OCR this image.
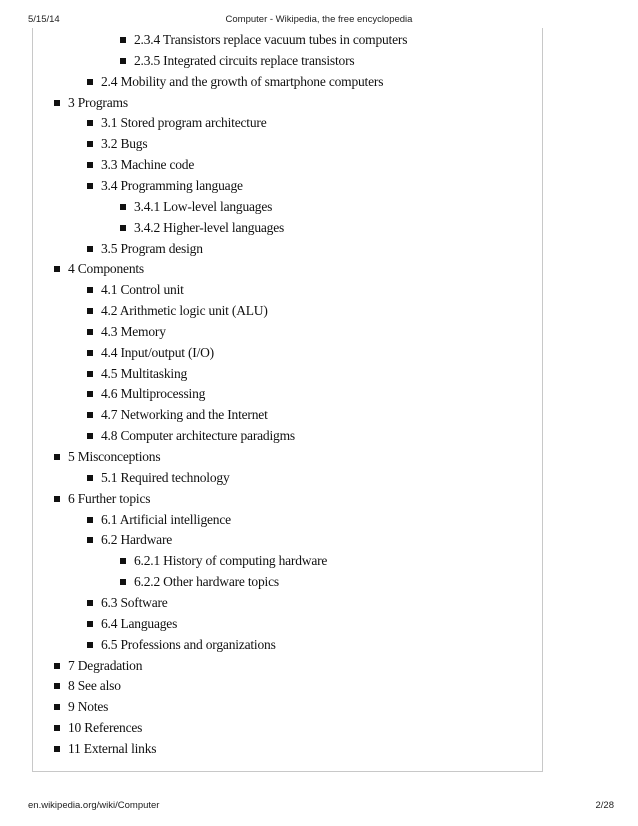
5/15/14	Computer - Wikipedia, the free encyclopedia
2.3.4 Transistors replace vacuum tubes in computers
2.3.5 Integrated circuits replace transistors
2.4 Mobility and the growth of smartphone computers
3 Programs
3.1 Stored program architecture
3.2 Bugs
3.3 Machine code
3.4 Programming language
3.4.1 Low-level languages
3.4.2 Higher-level languages
3.5 Program design
4 Components
4.1 Control unit
4.2 Arithmetic logic unit (ALU)
4.3 Memory
4.4 Input/output (I/O)
4.5 Multitasking
4.6 Multiprocessing
4.7 Networking and the Internet
4.8 Computer architecture paradigms
5 Misconceptions
5.1 Required technology
6 Further topics
6.1 Artificial intelligence
6.2 Hardware
6.2.1 History of computing hardware
6.2.2 Other hardware topics
6.3 Software
6.4 Languages
6.5 Professions and organizations
7 Degradation
8 See also
9 Notes
10 References
11 External links
en.wikipedia.org/wiki/Computer	2/28
